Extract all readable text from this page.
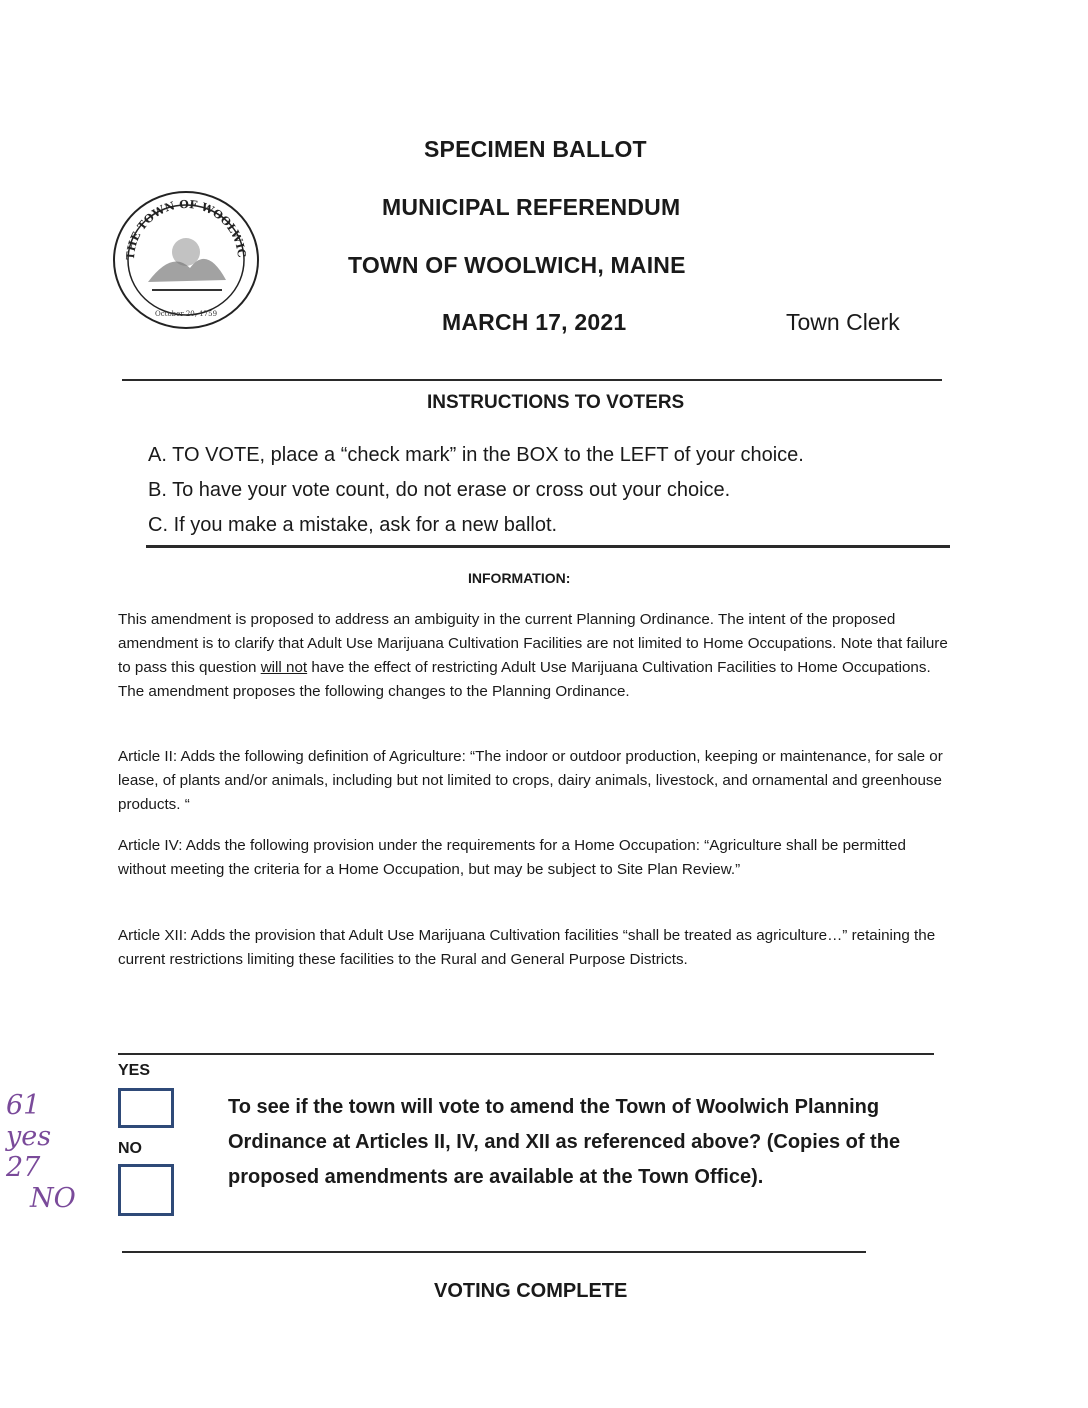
THE TOWN OF WOOLWIC
October 20, 1759
SPECIMEN BALLOT
MUNICIPAL REFERENDUM
TOWN OF WOOLWICH, MAINE
MARCH 17, 2021	Town Clerk
INSTRUCTIONS TO VOTERS
A. TO VOTE, place a “check mark” in the BOX to the LEFT of your choice.
B. To have your vote count, do not erase or cross out your choice.
C. If you make a mistake, ask for a new ballot.
INFORMATION:
This amendment is proposed to address an ambiguity in the current Planning Ordinance. The intent of the proposed amendment is to clarify that Adult Use Marijuana Cultivation Facilities are not limited to Home Occupations. Note that failure to pass this question will not have the effect of restricting Adult Use Marijuana Cultivation Facilities to Home Occupations. The amendment proposes the following changes to the Planning Ordinance.
Article II: Adds the following definition of Agriculture: “The indoor or outdoor production, keeping or maintenance, for sale or lease, of plants and/or animals, including but not limited to crops, dairy animals, livestock, and ornamental and greenhouse products. “
Article IV: Adds the following provision under the requirements for a Home Occupation: “Agriculture shall be permitted without meeting the criteria for a Home Occupation, but may be subject to Site Plan Review.”
Article XII: Adds the provision that Adult Use Marijuana Cultivation facilities “shall be treated as agriculture…” retaining the current restrictions limiting these facilities to the Rural and General Purpose Districts.
YES
NO
To see if the town will vote to amend the Town of Woolwich Planning Ordinance at Articles II, IV, and XII as referenced above? (Copies of the proposed amendments are available at the Town Office).
61
yes
27
NO
VOTING COMPLETE
